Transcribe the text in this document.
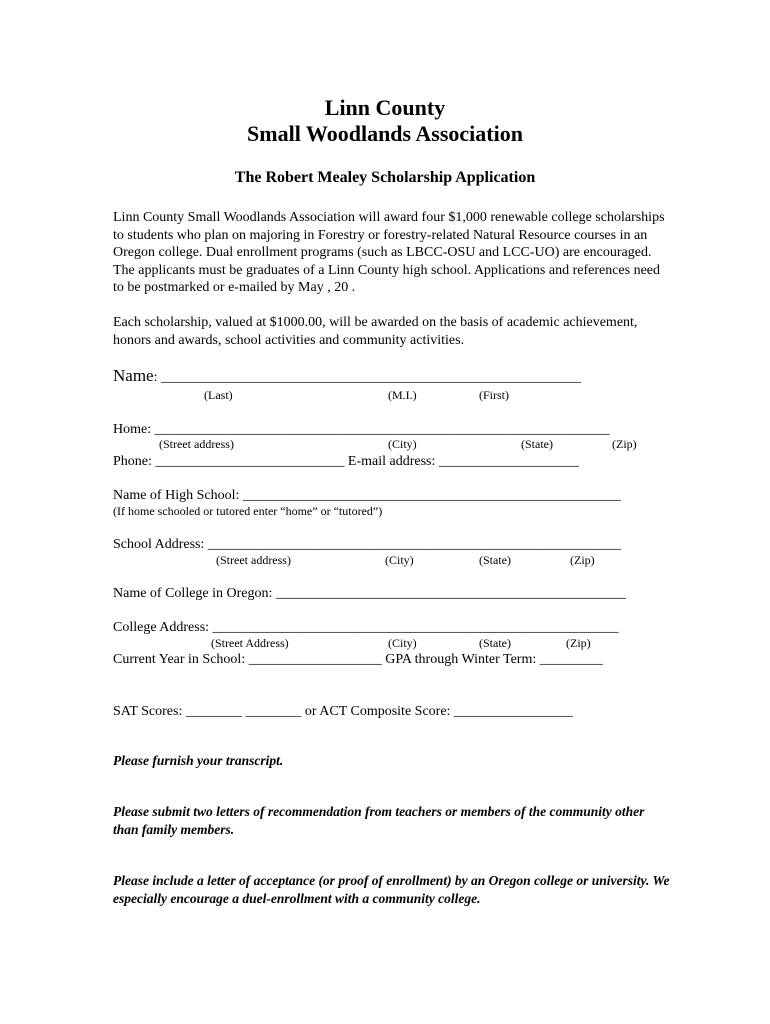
Linn County
Small Woodlands Association
The Robert Mealey Scholarship Application
Linn County Small Woodlands Association will award four $1,000 renewable college scholarships to students who plan on majoring in Forestry or forestry-related Natural Resource courses in an Oregon college. Dual enrollment programs (such as LBCC-OSU and LCC-UO) are encouraged. The applicants must be graduates of a Linn County high school. Applications and references need to be postmarked or e-mailed by May , 20 .
Each scholarship, valued at $1000.00, will be awarded on the basis of academic achievement, honors and awards, school activities and community activities.
Name: ____________________________________________________________
(Last)	(M.I.)	(First)
Home: _________________________________________________________________
(Street address)	(City)	(State)	(Zip)
Phone: ___________________________ E-mail address: ____________________
Name of High School: ______________________________________________________
(If home schooled or tutored enter “home” or “tutored”)
School Address: ___________________________________________________________
(Street address)	(City)	(State)	(Zip)
Name of College in Oregon: __________________________________________________
College Address: __________________________________________________________
(Street Address)	(City)	(State)	(Zip)
Current Year in School: ___________________ GPA through Winter Term: _________
SAT Scores: ________ ________ or ACT Composite Score: _________________
Please furnish your transcript.
Please submit two letters of recommendation from teachers or members of the community other than family members.
Please include a letter of acceptance (or proof of enrollment) by an Oregon college or university. We especially encourage a duel-enrollment with a community college.
